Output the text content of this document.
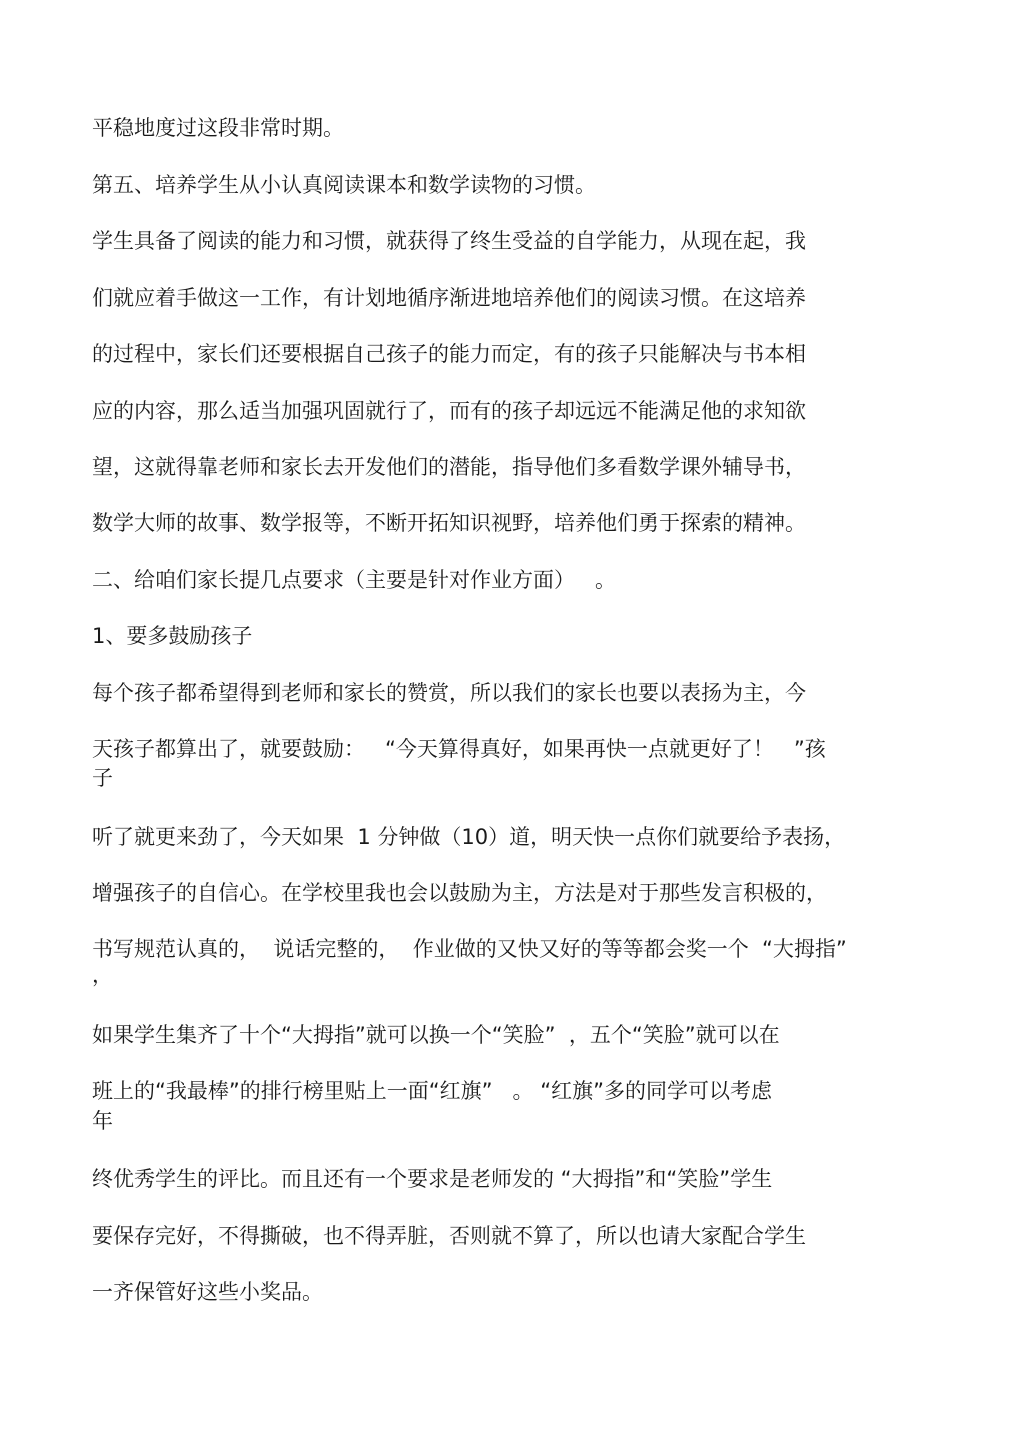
平稳地度过这段非常时期。

第五、培养学生从小认真阅读课本和数学读物的习惯。

学生具备了阅读的能力和习惯，就获得了终生受益的自学能力，从现在起，我

们就应着手做这一工作，有计划地循序渐进地培养他们的阅读习惯。在这培养

的过程中，家长们还要根据自己孩子的能力而定，有的孩子只能解决与书本相

应的内容，那么适当加强巩固就行了，而有的孩子却远远不能满足他的求知欲

望，这就得靠老师和家长去开发他们的潜能，指导他们多看数学课外辅导书，

数学大师的故事、数学报等，不断开拓知识视野，培养他们勇于探索的精神。

二、给咱们家长提几点要求（主要是针对作业方面）   。

1、要多鼓励孩子

每个孩子都希望得到老师和家长的赞赏，所以我们的家长也要以表扬为主，今

天孩子都算出了，就要鼓励：   “今天算得真好，如果再快一点就更好了！   ”孩

子

听了就更来劲了，今天如果  1 分钟做（10）道，明天快一点你们就要给予表扬，

增强孩子的自信心。在学校里我也会以鼓励为主，方法是对于那些发言积极的，

书写规范认真的，  说话完整的，  作业做的又快又好的等等都会奖一个  “大拇指”

，

如果学生集齐了十个“大拇指”就可以换一个“笑脸”  ，五个“笑脸”就可以在

班上的“我最棒”的排行榜里贴上一面“红旗”   。 “红旗”多的同学可以考虑

年

终优秀学生的评比。而且还有一个要求是老师发的 “大拇指”和“笑脸”学生

要保存完好，不得撕破，也不得弄脏，否则就不算了，所以也请大家配合学生

一齐保管好这些小奖品。
